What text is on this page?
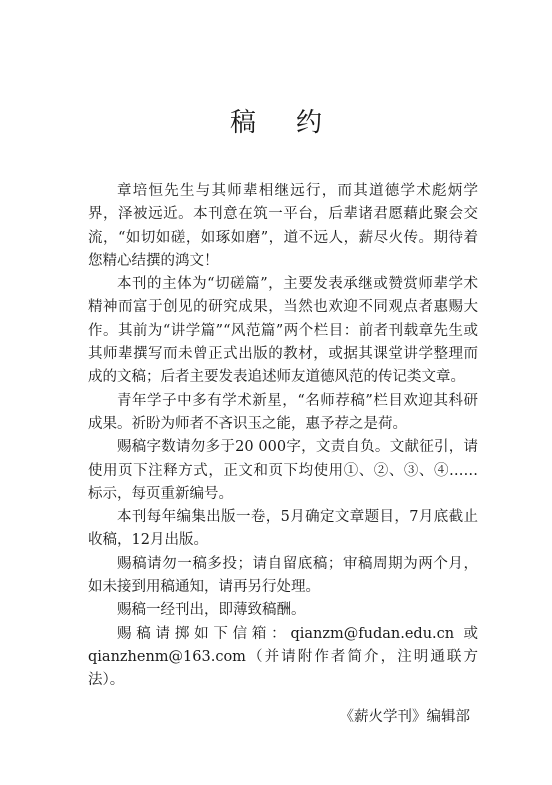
稿约

章培恒先生与其师辈相继远行，而其道德学术彪炳学界，泽被远近。本刊意在筑一平台，后辈诸君愿藉此聚会交流，“如切如磋，如琢如磨”，道不远人，薪尽火传。期待着您精心结撰的鸿文！

本刊的主体为“切磋篇”，主要发表承继或赞赏师辈学术精神而富于创见的研究成果，当然也欢迎不同观点者惠赐大作。其前为“讲学篇”“风范篇”两个栏目：前者刊载章先生或其师辈撰写而未曾正式出版的教材，或据其课堂讲学整理而成的文稿；后者主要发表追述师友道德风范的传记类文章。

青年学子中多有学术新星，“名师荐稿”栏目欢迎其科研成果。祈盼为师者不吝识玉之能，惠予荐之是荷。

赐稿字数请勿多于20 000字，文责自负。文献征引，请使用页下注释方式，正文和页下均使用①、②、③、④……标示，每页重新编号。

本刊每年编集出版一卷，5月确定文章题目，7月底截止收稿，12月出版。

赐稿请勿一稿多投；请自留底稿；审稿周期为两个月，如未接到用稿通知，请再另行处理。

赐稿一经刊出，即薄致稿酬。

赐稿请掷如下信箱：qianzm@fudan.edu.cn 或 qianzhenm@163.com（并请附作者简介，注明通联方法）。

《薪火学刊》编辑部
